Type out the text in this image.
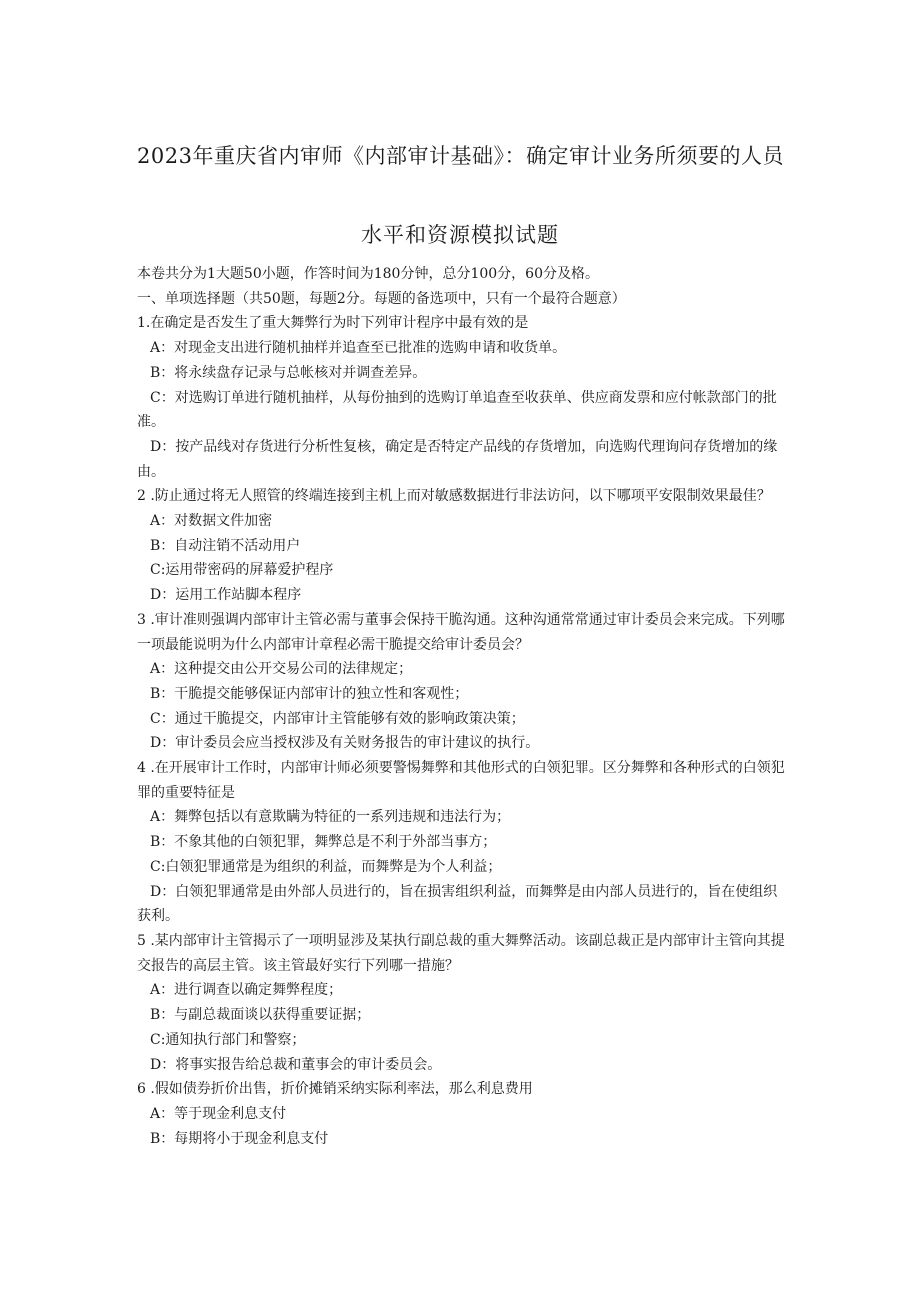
2023年重庆省内审师《内部审计基础》：确定审计业务所须要的人员
水平和资源模拟试题

本卷共分为1大题50小题，作答时间为180分钟，总分100分，60分及格。

一、单项选择题（共50题，每题2分。每题的备选项中，只有一个最符合题意）

1.在确定是否发生了重大舞弊行为时下列审计程序中最有效的是

A：对现金支出进行随机抽样并追查至已批准的选购申请和收货单。

B：将永续盘存记录与总帐核对并调查差异。

C：对选购订单进行随机抽样，从每份抽到的选购订单追查至收获单、供应商发票和应付帐款部门的批准。

D：按产品线对存货进行分析性复核，确定是否特定产品线的存货增加，向选购代理询问存货增加的缘由。

2 .防止通过将无人照管的终端连接到主机上而对敏感数据进行非法访问，以下哪项平安限制效果最佳？

A：对数据文件加密

B：自动注销不活动用户

C:运用带密码的屏幕爱护程序

D：运用工作站脚本程序

3 .审计准则强调内部审计主管必需与董事会保持干脆沟通。这种沟通常常通过审计委员会来完成。下列哪一项最能说明为什么内部审计章程必需干脆提交给审计委员会？

A：这种提交由公开交易公司的法律规定；

B：干脆提交能够保证内部审计的独立性和客观性；

C：通过干脆提交，内部审计主管能够有效的影响政策决策；

D：审计委员会应当授权涉及有关财务报告的审计建议的执行。

4 .在开展审计工作时，内部审计师必须要警惕舞弊和其他形式的白领犯罪。区分舞弊和各种形式的白领犯罪的重要特征是

A：舞弊包括以有意欺瞒为特征的一系列违规和违法行为；

B：不象其他的白领犯罪，舞弊总是不利于外部当事方；

C:白领犯罪通常是为组织的利益，而舞弊是为个人利益；

D：白领犯罪通常是由外部人员进行的，旨在损害组织利益，而舞弊是由内部人员进行的，旨在使组织获利。

5 .某内部审计主管揭示了一项明显涉及某执行副总裁的重大舞弊活动。该副总裁正是内部审计主管向其提交报告的高层主管。该主管最好实行下列哪一措施？

A：进行调查以确定舞弊程度；

B：与副总裁面谈以获得重要证据；

C:通知执行部门和警察；

D：将事实报告给总裁和董事会的审计委员会。

6 .假如债券折价出售，折价摊销采纳实际利率法，那么利息费用

A：等于现金利息支付

B：每期将小于现金利息支付
